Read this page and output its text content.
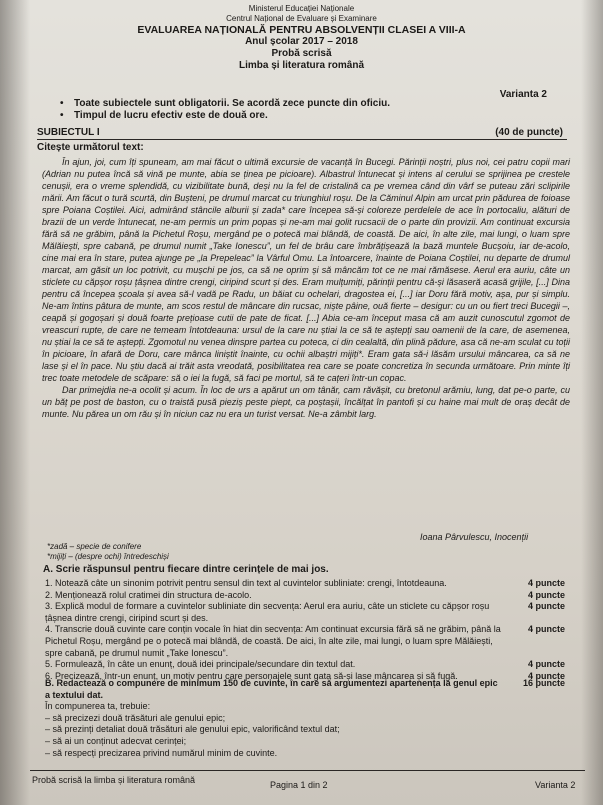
Ministerul Educației Naționale
Centrul Național de Evaluare și Examinare
EVALUAREA NAȚIONALĂ PENTRU ABSOLVENȚII CLASEI A VIII-A
Anul școlar 2017 – 2018
Probă scrisă
Limba și literatura română
Varianta 2
• Toate subiectele sunt obligatorii. Se acordă zece puncte din oficiu.
• Timpul de lucru efectiv este de două ore.
SUBIECTUL I	(40 de puncte)
Citește următorul text:

În ajun, joi, cum îți spuneam, am mai făcut o ultimă excursie de vacanță în Bucegi. Părinții noștri, plus noi, cei patru copii mari (Adrian nu putea încă să vină pe munte, abia se ținea pe picioare). Albastrul întunecat și intens al cerului se sprijinea pe crestele cenușii, era o vreme splendidă, cu vizibilitate bună, deși nu la fel de cristalină ca pe vremea când din vârf se puteau zări sclipirile mării. Am făcut o tură scurtă, din Bușteni, pe drumul marcat cu triunghiul roșu. De la Căminul Alpin am urcat prin pădurea de foioase spre Poiana Coștilei. Aici, admirând stâncile alburii și zada* care începea să-și coloreze perdelele de ace în portocaliu, alături de brazii de un verde întunecat, ne-am permis un prim popas și ne-am mai golit rucsacii de o parte din provizii. Am continuat excursia fără să ne grăbim, până la Pichetul Roșu, mergând pe o potecă mai blândă, de coastă. De aici, în alte zile, mai lungi, o luam spre Mălăiești, spre cabană, pe drumul numit „Take Ionescu”, un fel de brâu care îmbrățișează la bază muntele Bucșoiu, iar de-acolo, cine mai era în stare, putea ajunge pe „la Prepeleac” la Vârful Omu. La întoarcere, înainte de Poiana Coștilei, nu departe de drumul marcat, am găsit un loc potrivit, cu mușchi pe jos, ca să ne oprim și să mâncăm tot ce ne mai rămăsese. Aerul era auriu, câte un sticlete cu căpșor roșu țâșnea dintre crengi, ciripind scurt și des. Eram mulțumiți, părinții pentru că-și lăsaseră acasă grijile, [...] Dina pentru că începea școala și avea să-l vadă pe Radu, un băiat cu ochelari, dragostea ei, [...] iar Doru fără motiv, așa, pur și simplu. Ne-am întins pâtura de munte, am scos restul de mâncare din rucsac, niște pâine, ouă fierte – desigur: cu un ou fiert treci Bucegii –, ceapă și gogoșari și două foarte prețioase cutii de pate de ficat. [...] Abia ce-am început masa că am auzit cunoscutul zgomot de vreascuri rupte, de care ne temeam întotdeauna: ursul de la care nu știai la ce să te aștepți sau oamenii de la care, de asemenea, nu știai la ce să te aștepți. Zgomotul nu venea dinspre partea cu poteca, ci din cealaltă, din plină pădure, asa că ne-am sculat cu toții în picioare, în afară de Doru, care mânca liniștit înainte, cu ochii albaștri mijiți*. Eram gata să-i lăsăm ursului mâncarea, ca să ne lase și el în pace. Nu știu dacă ai trăit asta vreodată, posibilitatea rea care se poate concretiza în secunda următoare. Prin minte îți trec toate metodele de scăpare: să o iei la fugă, să faci pe mortul, să te cațeri într-un copac.

Dar primejdia ne-a ocolit și acum. În loc de urs a apărut un om tânăr, cam răvășit, cu bretonul arămiu, lung, dat pe-o parte, cu un băț pe post de baston, cu o traistă pusă pieziș peste piept, ca poștașii, încălțat în pantofi și cu haine mai mult de oraș decât de munte. Nu părea un om rău și în niciun caz nu era un turist versat. Ne-a zâmbit larg.

Ioana Pârvulescu, Inocenții
*zadă – specie de conifere
*mijiți – (despre ochi) întredeschiși
A. Scrie răspunsul pentru fiecare dintre cerințele de mai jos.
1. Notează câte un sinonim potrivit pentru sensul din text al cuvintelor subliniate: crengi, întotdeauna.	4 puncte
2. Menționează rolul cratimei din structura de-acolo.	4 puncte
3. Explică modul de formare a cuvintelor subliniate din secvența: Aerul era auriu, câte un sticlete cu căpșor roșu țâșnea dintre crengi, ciripind scurt și des.
4 puncte
4. Transcrie două cuvinte care conțin vocale în hiat din secvența: Am continuat excursia fără să ne grăbim, până la Pichetul Roșu, mergând pe o potecă mai blândă, de coastă. De aici, în alte zile, mai lungi, o luam spre Mălăiești, spre cabană, pe drumul numit „Take Ionescu”.
4 puncte
5. Formulează, în câte un enunț, două idei principale/secundare din textul dat.	4 puncte
6. Precizează, într-un enunț, un motiv pentru care personajele sunt gata să-și lase mâncarea și să fugă.	4 puncte
B. Redactează o compunere de minimum 150 de cuvinte, în care să argumentezi apartenența la genul epic a textului dat.
16 puncte
În compunerea ta, trebuie:
– să precizezi două trăsături ale genului epic;
– să prezinți detaliat două trăsături ale genului epic, valorificând textul dat;
– să ai un conținut adecvat cerinței;
– să respecți precizarea privind numărul minim de cuvinte.
Probă scrisă la limba și literatura română	Pagina 1 din 2	Varianta 2
